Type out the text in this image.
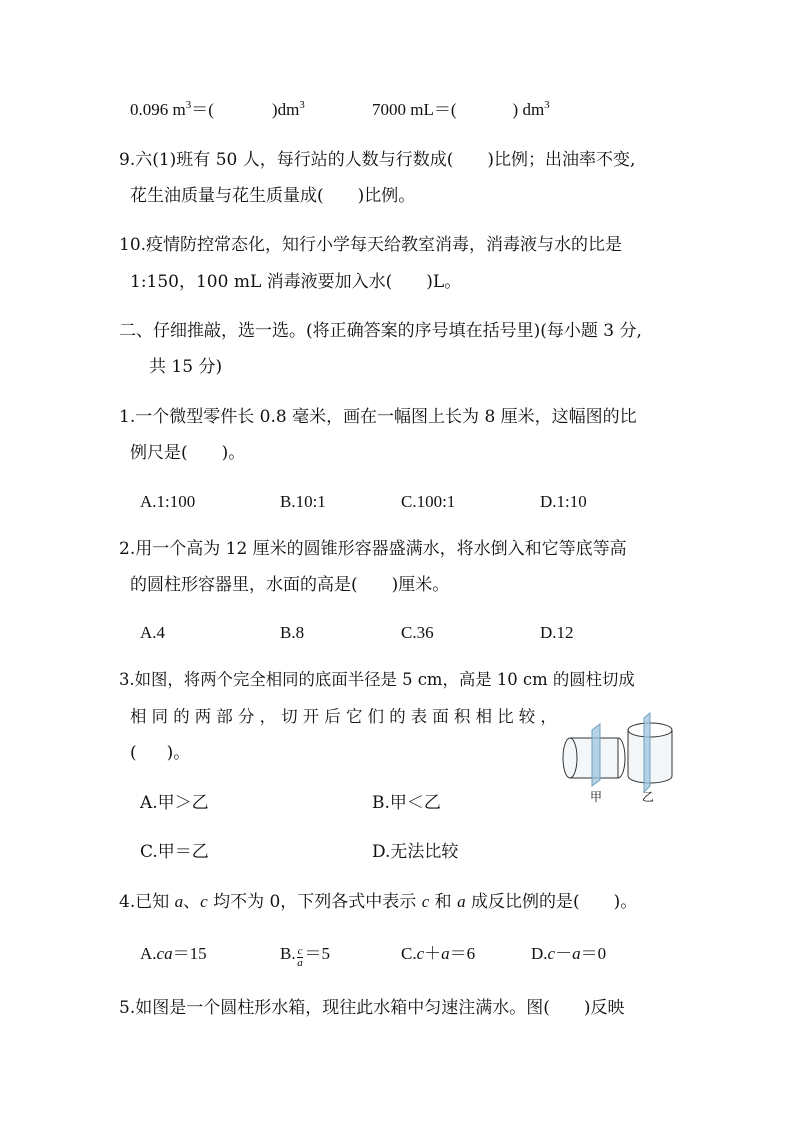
0.096 $m^3=$(	)$dm^3$	7000 mL＝(	) $dm^3$
9.六(1)班有 50 人，每行站的人数与行数成( )比例；出油率不变,
花生油质量与花生质量成( )比例。
10.疫情防控常态化，知行小学每天给教室消毒，消毒液与水的比是
1:150，100 mL 消毒液要加入水( )L。
二、仔细推敲，选一选。(将正确答案的序号填在括号里)(每小题 3 分,
共 15 分)
1.一个微型零件长 0.8 毫米，画在一幅图上长为 8 厘米，这幅图的比
例尺是( )。
A.1:100	B.10:1	C.100:1	D.1:10
2.用一个高为 12 厘米的圆锥形容器盛满水，将水倒入和它等底等高
的圆柱形容器里，水面的高是( )厘米。
A.4	B.8	C.36	D.12
3.如图，将两个完全相同的底面半径是 5 cm，高是 10 cm 的圆柱切成
相 同 的 两 部 分 ， 切 开 后 它 们 的 表 面 积 相 比 较 ，
( )。
甲	乙
A.甲＞乙	B.甲＜乙
C.甲＝乙	D.无法比较
4.已知 a、c 均不为 0，下列各式中表示 c 和 a 成反比例的是( )。
A.ca＝15	B. $\frac{c}{a} =5$	C.c＋a＝6	D.c－a＝0
5.如图是一个圆柱形水箱，现往此水箱中匀速注满水。图( )反映
